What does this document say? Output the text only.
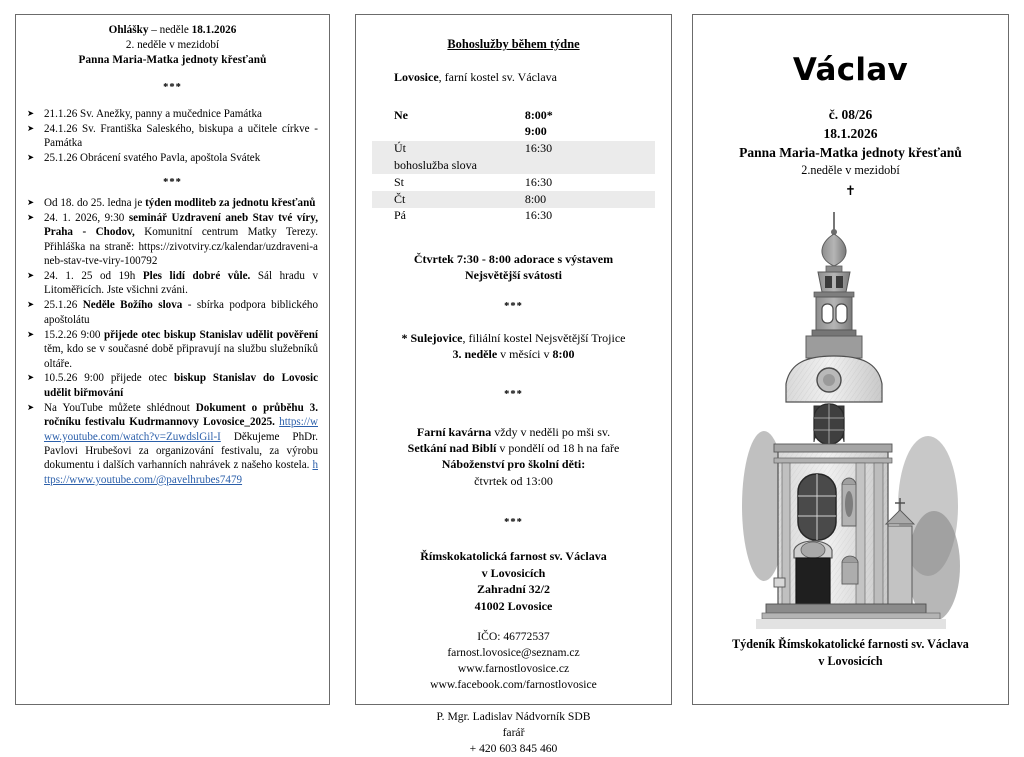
Ohlášky – neděle 18.1.2026
2. neděle v mezidobí
Panna Maria-Matka jednoty křesťanů
***
➤ 21.1.26 Sv. Anežky, panny a mučednice Památka
➤ 24.1.26 Sv. Františka Saleského, biskupa a učitele církve - Památka
➤ 25.1.26 Obrácení svatého Pavla, apoštola Svátek
***
➤ Od 18. do 25. ledna je týden modliteb za jednotu křesťanů
➤ 24. 1. 2026, 9:30 seminář Uzdravení aneb Stav tvé víry, Praha - Chodov, Komunitní centrum Matky Terezy. Přihláška na straně: https://zivotviry.cz/kalendar/uzdraveni-aneb-stav-tve-viry-100792
➤ 24. 1. 25 od 19h Ples lidí dobré vůle. Sál hradu v Litoměřicích. Jste všichni zváni.
➤ 25.1.26 Neděle Božího slova - sbírka podpora biblického apoštolátu
➤ 15.2.26 9:00 přijede otec biskup Stanislav udělit pověření těm, kdo se v současné době připravují na službu služebníků oltáře.
➤ 10.5.26 9:00 přijede otec biskup Stanislav do Lovosic udělit biřmování
➤ Na YouTube můžete shlédnout Dokument o průběhu 3. ročníku festivalu Kudrmannovy Lovosice_2025. https://www.youtube.com/watch?v=ZuwdslGil-I Děkujeme PhDr. Pavlovi Hrubešovi za organizování festivalu, za výrobu dokumentu i dalších varhanních nahrávek z našeho kostela. https://www.youtube.com/@pavelhrubes7479
Bohoslužby během týdne
Lovosice, farní kostel sv. Václava
Ne	8:00*
	9:00
Út	16:30
bohoslužba slova	
St	16:30
Čt	8:00
Pá	16:30
Čtvrtek 7:30 - 8:00 adorace s výstavem
Nejsvětější svátosti
***
* Sulejovice, filiální kostel Nejsvětější Trojice
3. neděle v měsíci v 8:00
***
Farní kavárna vždy v neděli po mši sv.
Setkání nad Biblí v pondělí od 18 h na faře
Náboženství pro školní děti:
čtvrtek od 13:00
***
Římskokatolická farnost sv. Václava
v Lovosicích
Zahradní 32/2
41002 Lovosice
IČO: 46772537
farnost.lovosice@seznam.cz
www.farnostlovosice.cz
www.facebook.com/farnostlovosice
P. Mgr. Ladislav Nádvorník SDB
farář
+ 420 603 845 460
Václav
č. 08/26
18.1.2026
Panna Maria-Matka jednoty křesťanů
2.neděle v mezidobí
✝
Týdeník Římskokatolické farnosti sv. Václava
v Lovosicích
